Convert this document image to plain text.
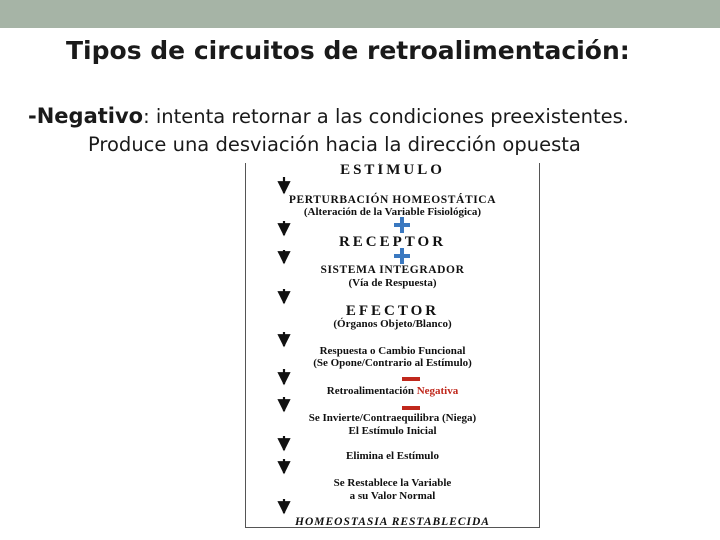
Tipos de circuitos de retroalimentación:
-Negativo: intenta retornar a las condiciones preexistentes.
Produce una desviación hacia la dirección opuesta
ESTÍMULO
PERTURBACIÓN HOMEOSTÁTICA
(Alteración de la Variable Fisiológica)
RECEPTOR
SISTEMA INTEGRADOR
(Vía de Respuesta)
EFECTOR
(Órganos Objeto/Blanco)
Respuesta o Cambio Funcional
(Se Opone/Contrario al Estímulo)
Retroalimentación Negativa
Se Invierte/Contraequilibra (Niega)
El Estímulo Inicial
Elimina el Estímulo
Se Restablece la Variable
a su Valor Normal
HOMEOSTASIA RESTABLECIDA
